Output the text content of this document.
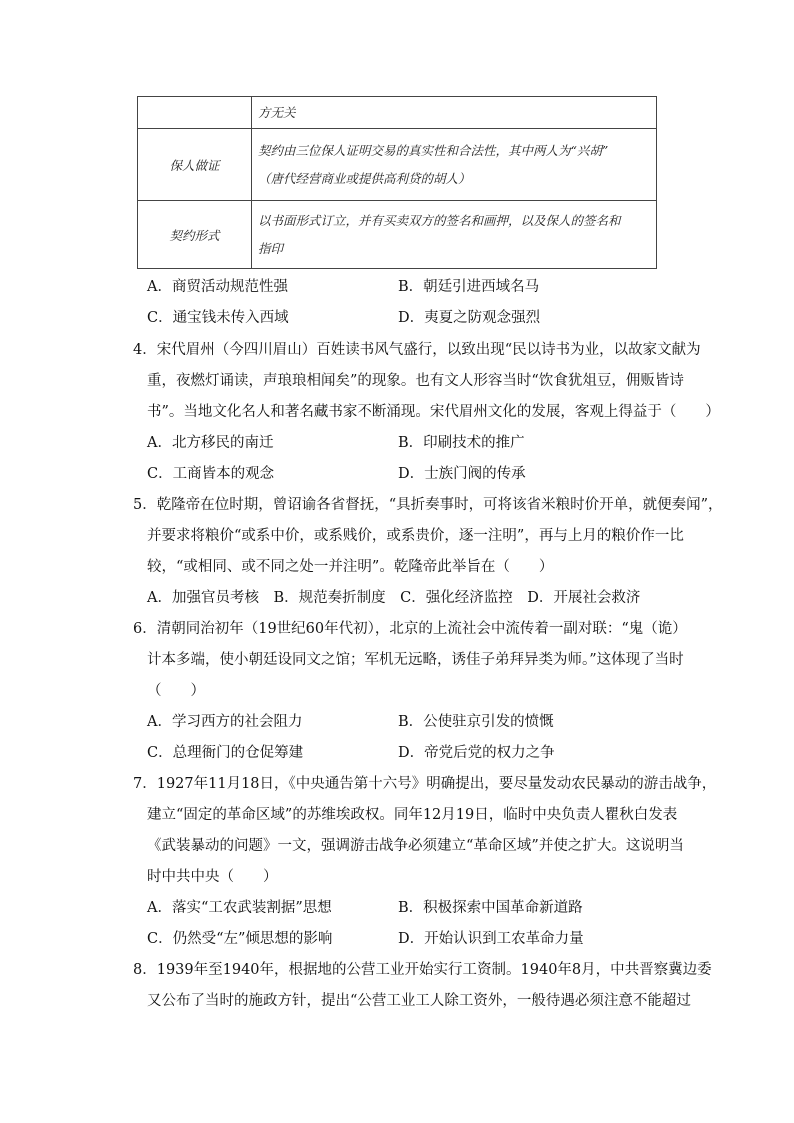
	方无关

保人做证	契约由三位保人证明交易的真实性和合法性，其中两人为“兴胡”
（唐代经营商业或提供高利贷的胡人）

契约形式	以书面形式订立，并有买卖双方的签名和画押，以及保人的签名和
指印
A．商贸活动规范性强	B．朝廷引进西域名马
C．通宝钱未传入西域	D．夷夏之防观念强烈
4．宋代眉州（今四川眉山）百姓读书风气盛行，以致出现“民以诗书为业，以故家文献为
重，夜燃灯诵读，声琅琅相闻矣”的现象。也有文人形容当时“饮食犹俎豆，佣贩皆诗
书”。当地文化名人和著名藏书家不断涌现。宋代眉州文化的发展，客观上得益于（　　）
A．北方移民的南迁	B．印刷技术的推广
C．工商皆本的观念	D．士族门阀的传承
5．乾隆帝在位时期，曾诏谕各省督抚，“具折奏事时，可将该省米粮时价开单，就便奏闻”，
并要求将粮价“或系中价，或系贱价，或系贵价，逐一注明”，再与上月的粮价作一比
较，“或相同、或不同之处一并注明”。乾隆帝此举旨在（　　）
A．加强官员考核　B．规范奏折制度　C．强化经济监控　D．开展社会救济
6．清朝同治初年（19世纪60年代初），北京的上流社会中流传着一副对联：“鬼（诡）
计本多端，使小朝廷设同文之馆；军机无远略，诱佳子弟拜异类为师。”这体现了当时
（　　）
A．学习西方的社会阻力	B．公使驻京引发的愤慨
C．总理衙门的仓促筹建	D．帝党后党的权力之争
7．1927年11月18日，《中央通告第十六号》明确提出，要尽量发动农民暴动的游击战争，
建立“固定的革命区域”的苏维埃政权。同年12月19日，临时中央负责人瞿秋白发表
《武装暴动的问题》一文，强调游击战争必须建立“革命区域”并使之扩大。这说明当
时中共中央（　　）
A．落实“工农武装割据”思想	B．积极探索中国革命新道路
C．仍然受“左”倾思想的影响	D．开始认识到工农革命力量
8．1939年至1940年，根据地的公营工业开始实行工资制。1940年8月，中共晋察冀边委
又公布了当时的施政方针，提出“公营工业工人除工资外，一般待遇必须注意不能超过
